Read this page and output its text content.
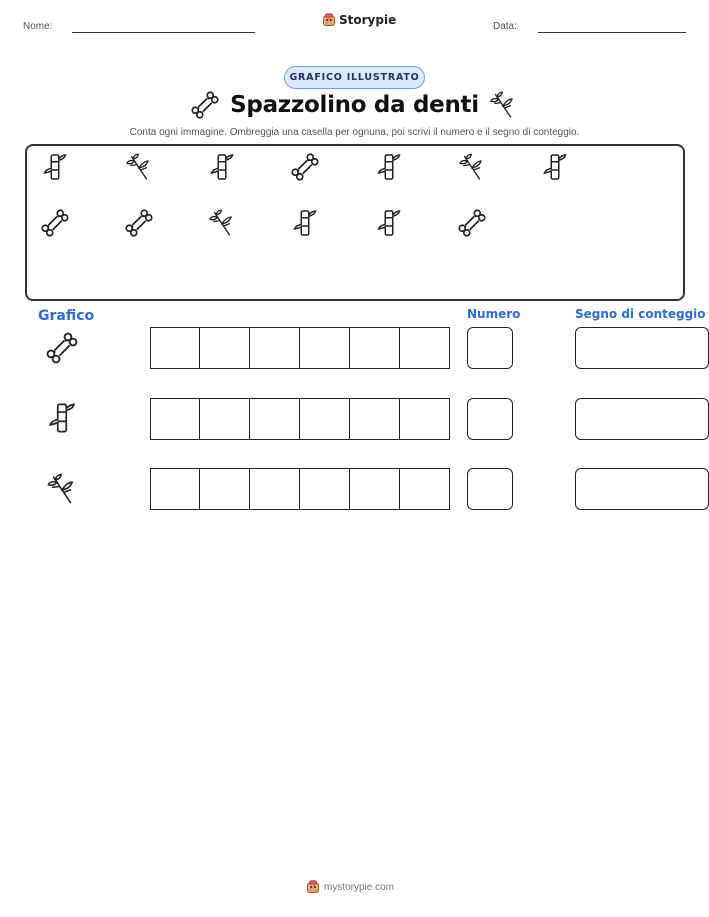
Nome:	Storypie	Data:
GRAFICO ILLUSTRATO
Spazzolino da denti
Conta ogni immagine. Ombreggia una casella per ognuna, poi scrivi il numero e il segno di conteggio.
Grafico	Numero	Segno di conteggio
mystorypie.com
